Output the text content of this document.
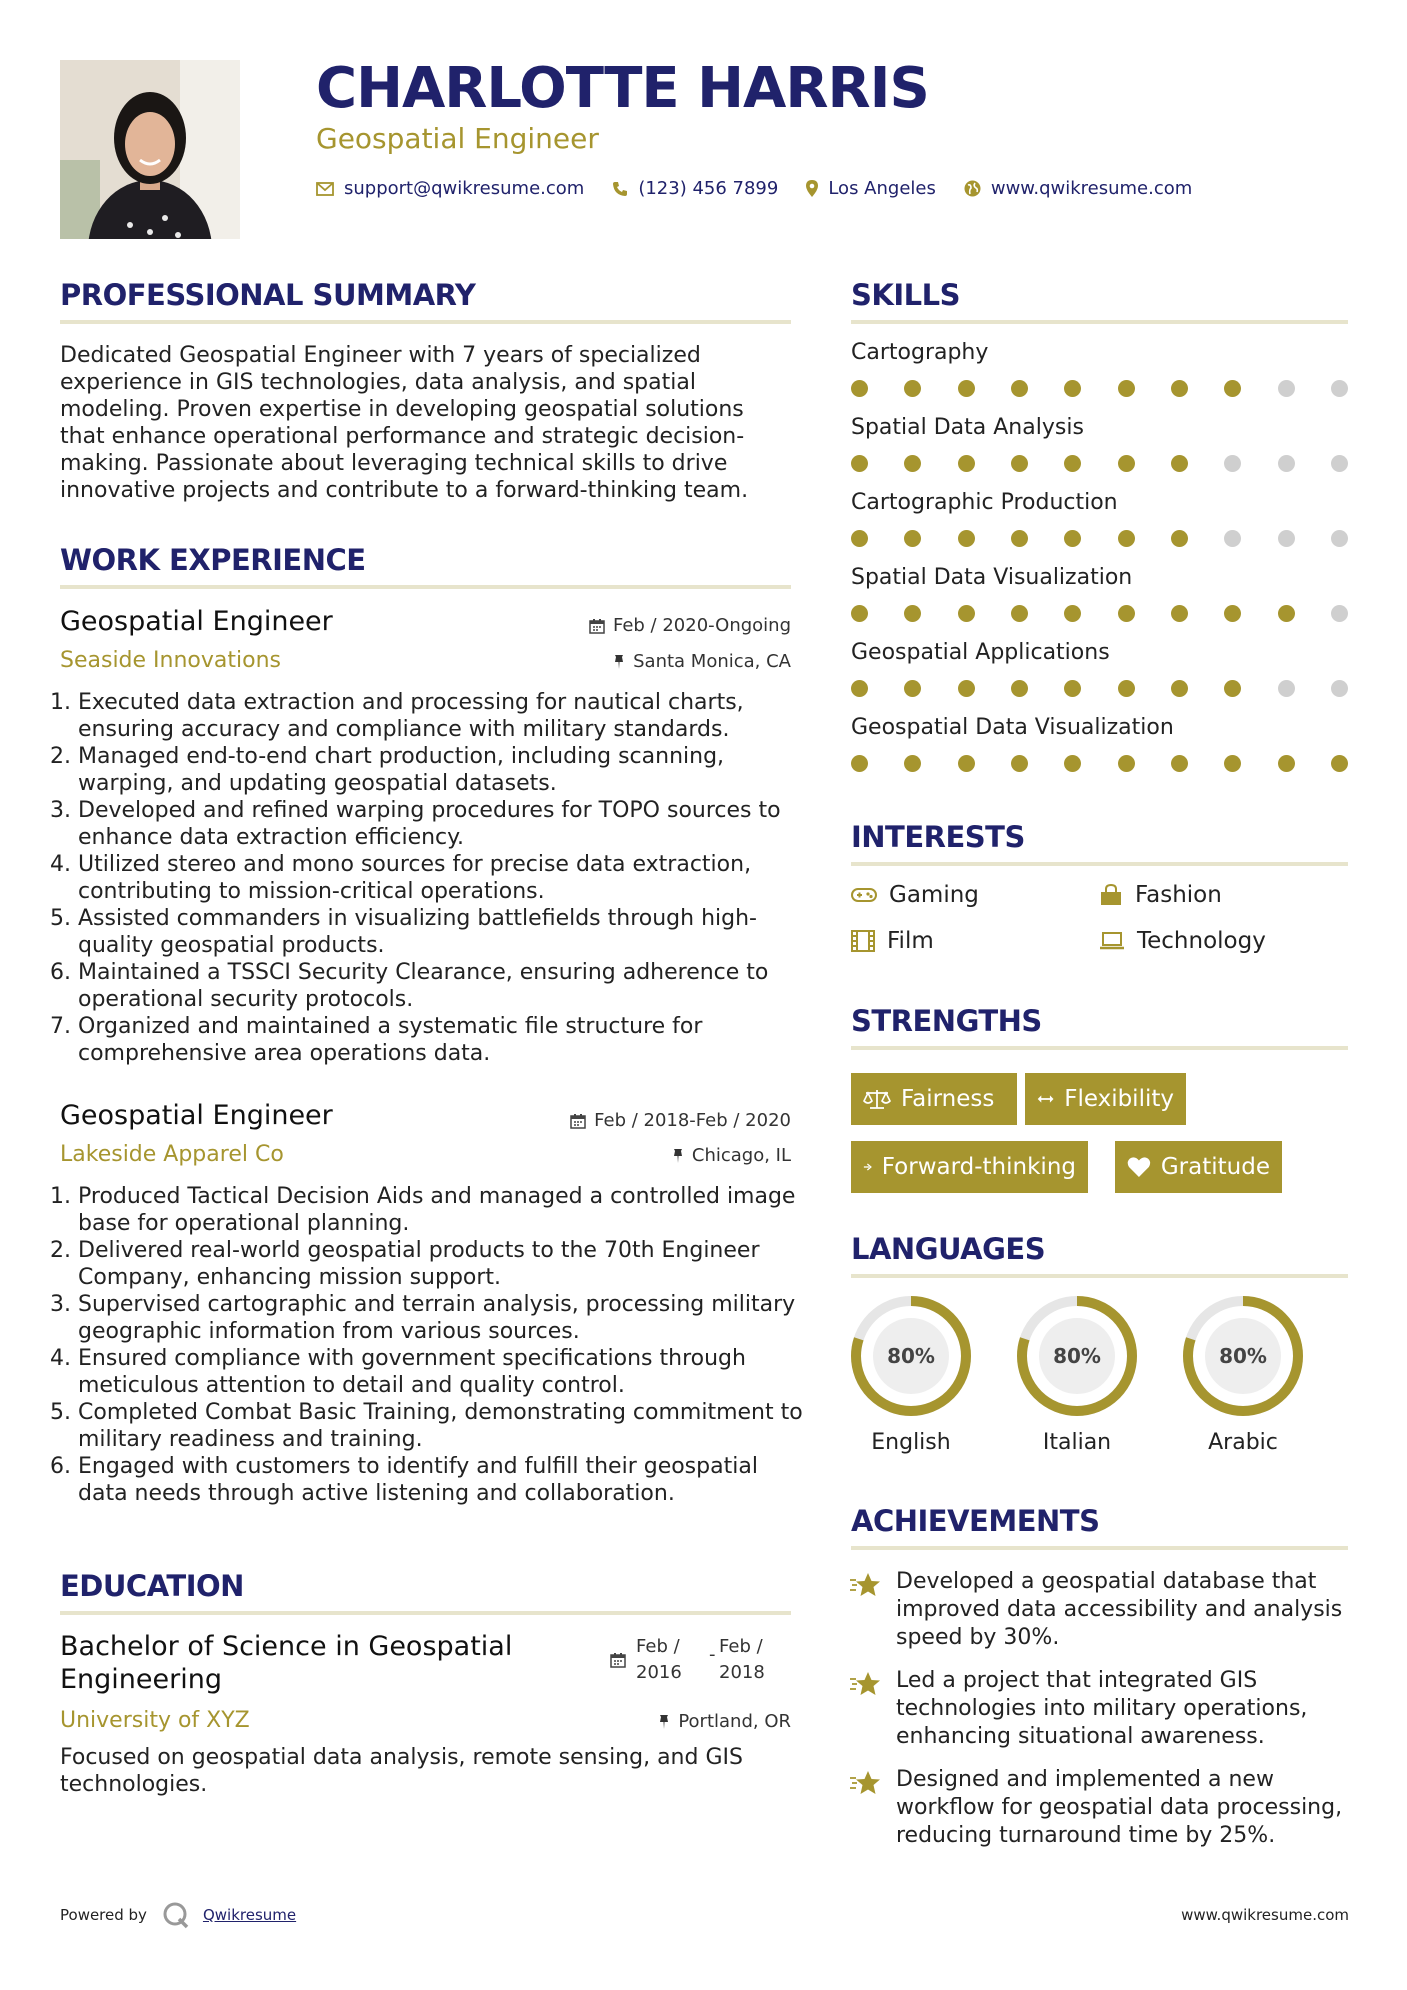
CHARLOTTE HARRIS
Geospatial Engineer
support@qwikresume.com	(123) 456 7899	Los Angeles	www.qwikresume.com
PROFESSIONAL SUMMARY
Dedicated Geospatial Engineer with 7 years of specialized experience in GIS technologies, data analysis, and spatial modeling. Proven expertise in developing geospatial solutions that enhance operational performance and strategic decision-making. Passionate about leveraging technical skills to drive innovative projects and contribute to a forward-thinking team.
WORK EXPERIENCE
Geospatial Engineer	Feb / 2020-Ongoing
Seaside Innovations	Santa Monica, CA
1. Executed data extraction and processing for nautical charts, ensuring accuracy and compliance with military standards.
2. Managed end-to-end chart production, including scanning, warping, and updating geospatial datasets.
3. Developed and refined warping procedures for TOPO sources to enhance data extraction efficiency.
4. Utilized stereo and mono sources for precise data extraction, contributing to mission-critical operations.
5. Assisted commanders in visualizing battlefields through high-quality geospatial products.
6. Maintained a TSSCI Security Clearance, ensuring adherence to operational security protocols.
7. Organized and maintained a systematic file structure for comprehensive area operations data.
Geospatial Engineer	Feb / 2018-Feb / 2020
Lakeside Apparel Co	Chicago, IL
1. Produced Tactical Decision Aids and managed a controlled image base for operational planning.
2. Delivered real-world geospatial products to the 70th Engineer Company, enhancing mission support.
3. Supervised cartographic and terrain analysis, processing military geographic information from various sources.
4. Ensured compliance with government specifications through meticulous attention to detail and quality control.
5. Completed Combat Basic Training, demonstrating commitment to military readiness and training.
6. Engaged with customers to identify and fulfill their geospatial data needs through active listening and collaboration.
EDUCATION
Bachelor of Science in Geospatial Engineering
Feb / 2016
- Feb / 2018
University of XYZ	Portland, OR
Focused on geospatial data analysis, remote sensing, and GIS technologies.
SKILLS
Cartography
Spatial Data Analysis
Cartographic Production
Spatial Data Visualization
Geospatial Applications
Geospatial Data Visualization
INTERESTS
Gaming	Fashion
Film	Technology
STRENGTHS
Fairness	Flexibility
Forward-thinking	Gratitude
LANGUAGES
80%
English
80%
Italian
80%
Arabic
ACHIEVEMENTS
Developed a geospatial database that improved data accessibility and analysis speed by 30%.
Led a project that integrated GIS technologies into military operations, enhancing situational awareness.
Designed and implemented a new workflow for geospatial data processing, reducing turnaround time by 25%.
Powered by	Qwikresume	www.qwikresume.com
